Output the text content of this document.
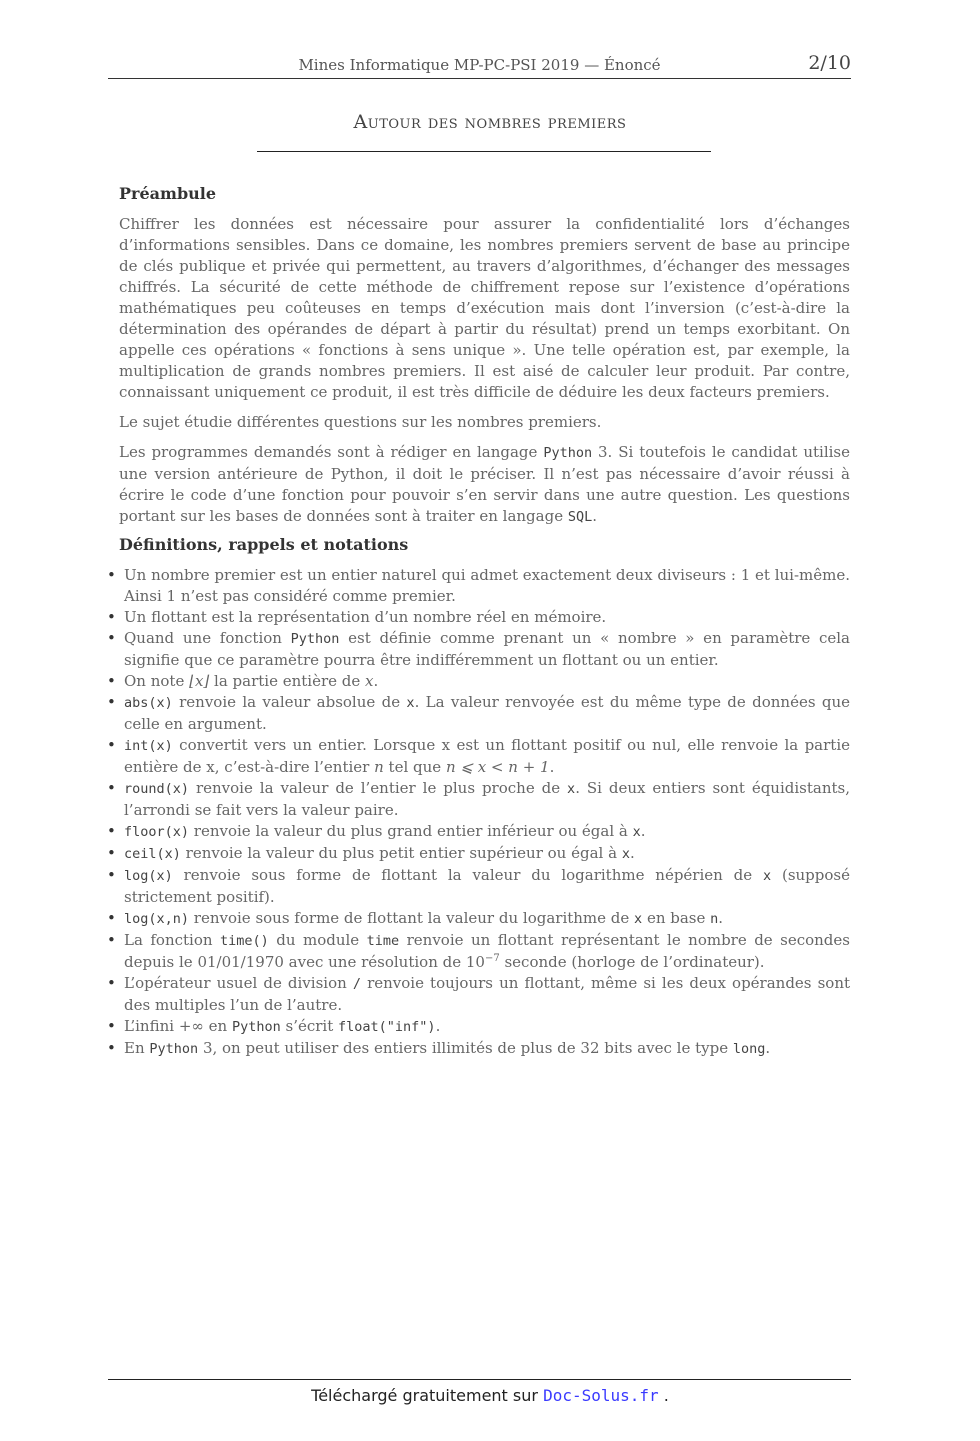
Mines Informatique MP-PC-PSI 2019 — Énoncé	2/10
Autour des nombres premiers
Préambule
Chiffrer les données est nécessaire pour assurer la confidentialité lors d’échanges d’informations sensibles. Dans ce domaine, les nombres premiers servent de base au principe de clés publique et privée qui permettent, au travers d’algorithmes, d’échanger des messages chiffrés. La sécurité de cette méthode de chiffrement repose sur l’existence d’opérations mathématiques peu coûteuses en temps d’exécution mais dont l’inversion (c’est-à-dire la détermination des opérandes de départ à partir du résultat) prend un temps exorbitant. On appelle ces opérations « fonctions à sens unique ». Une telle opération est, par exemple, la multiplication de grands nombres premiers. Il est aisé de calculer leur produit. Par contre, connaissant uniquement ce produit, il est très difficile de déduire les deux facteurs premiers.
Le sujet étudie différentes questions sur les nombres premiers.
Les programmes demandés sont à rédiger en langage Python 3. Si toutefois le candidat utilise une version antérieure de Python, il doit le préciser. Il n’est pas nécessaire d’avoir réussi à écrire le code d’une fonction pour pouvoir s’en servir dans une autre question. Les questions portant sur les bases de données sont à traiter en langage SQL.
Définitions, rappels et notations
• Un nombre premier est un entier naturel qui admet exactement deux diviseurs : 1 et lui-même. Ainsi 1 n’est pas considéré comme premier.
• Un flottant est la représentation d’un nombre réel en mémoire.
• Quand une fonction Python est définie comme prenant un « nombre » en paramètre cela signifie que ce paramètre pourra être indifféremment un flottant ou un entier.
• On note ⌊x⌋ la partie entière de x.
• abs(x) renvoie la valeur absolue de x. La valeur renvoyée est du même type de données que celle en argument.
• int(x) convertit vers un entier. Lorsque x est un flottant positif ou nul, elle renvoie la partie entière de x, c’est-à-dire l’entier n tel que n ⩽ x < n + 1.
• round(x) renvoie la valeur de l’entier le plus proche de x. Si deux entiers sont équidistants, l’arrondi se fait vers la valeur paire.
• floor(x) renvoie la valeur du plus grand entier inférieur ou égal à x.
• ceil(x) renvoie la valeur du plus petit entier supérieur ou égal à x.
• log(x) renvoie sous forme de flottant la valeur du logarithme népérien de x (supposé strictement positif).
• log(x,n) renvoie sous forme de flottant la valeur du logarithme de x en base n.
• La fonction time() du module time renvoie un flottant représentant le nombre de secondes depuis le 01/01/1970 avec une résolution de $10^{-7}$ seconde (horloge de l’ordinateur).
• L’opérateur usuel de division / renvoie toujours un flottant, même si les deux opérandes sont des multiples l’un de l’autre.
• L’infini +∞ en Python s’écrit float("inf").
• En Python 3, on peut utiliser des entiers illimités de plus de 32 bits avec le type long.
Téléchargé gratuitement sur Doc-Solus.fr .
